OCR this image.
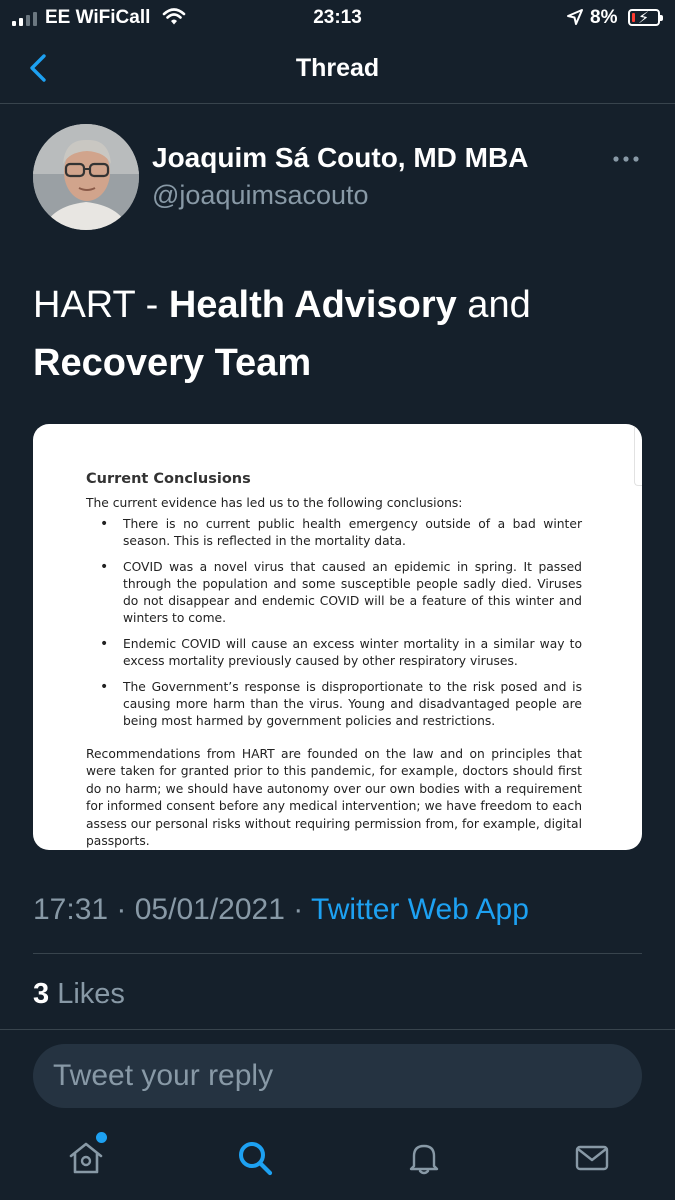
EE WiFiCall	23:13	8% ⚡
Thread
Joaquim Sá Couto, MD MBA
@joaquimsacouto
HART - Health Advisory and Recovery Team
Current Conclusions
The current evidence has led us to the following conclusions:
• There is no current public health emergency outside of a bad winter season. This is reflected in the mortality data.
• COVID was a novel virus that caused an epidemic in spring. It passed through the population and some susceptible people sadly died. Viruses do not disappear and endemic COVID will be a feature of this winter and winters to come.
• Endemic COVID will cause an excess winter mortality in a similar way to excess mortality previously caused by other respiratory viruses.
• The Government’s response is disproportionate to the risk posed and is causing more harm than the virus. Young and disadvantaged people are being most harmed by government policies and restrictions.
Recommendations from HART are founded on the law and on principles that were taken for granted prior to this pandemic, for example, doctors should first do no harm; we should have autonomy over our own bodies with a requirement for informed consent before any medical intervention; we have freedom to each assess our personal risks without requiring permission from, for example, digital passports.
17:31 · 05/01/2021 · Twitter Web App
3 Likes
Tweet your reply
